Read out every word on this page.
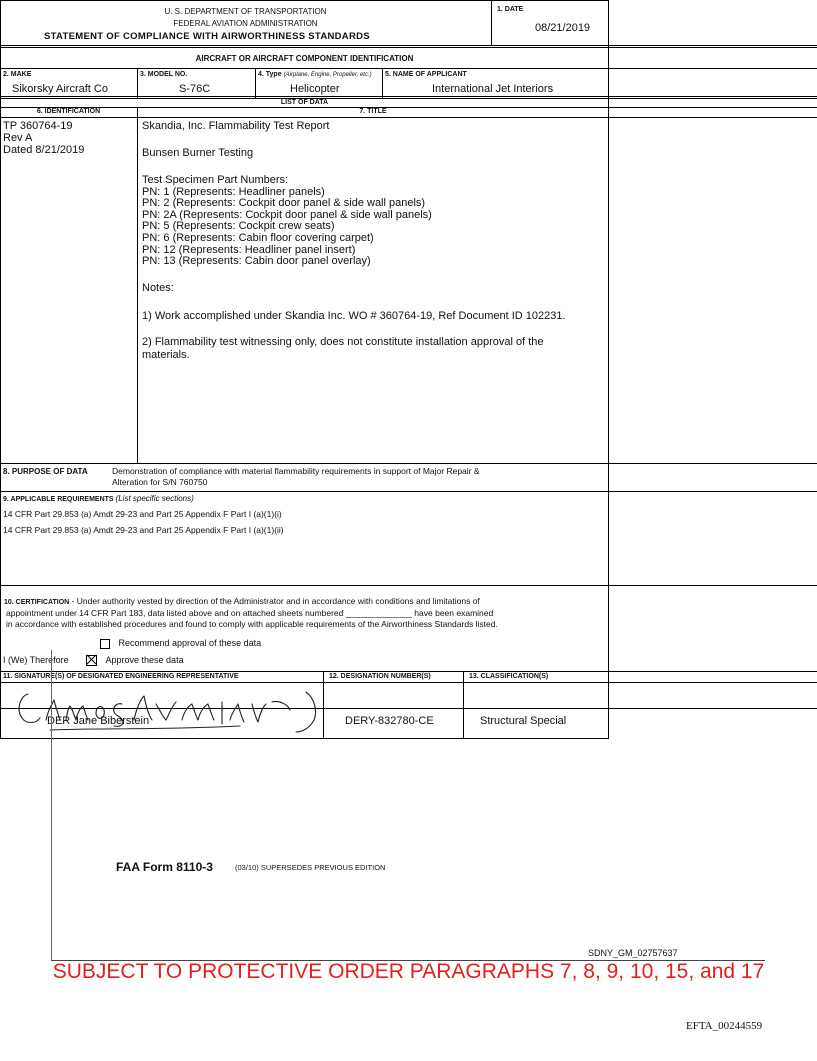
U. S. DEPARTMENT OF TRANSPORTATION
FEDERAL AVIATION ADMINISTRATION
STATEMENT OF COMPLIANCE WITH AIRWORTHINESS STANDARDS
1. DATE
08/21/2019
AIRCRAFT OR AIRCRAFT COMPONENT IDENTIFICATION
2. MAKE
Sikorsky Aircraft Co
3. MODEL NO.
S-76C
4. Type (Airplane, Engine, Propeller, etc.)
Helicopter
5. NAME OF APPLICANT
International Jet Interiors
LIST OF DATA
6. IDENTIFICATION	7. TITLE
TP 360764-19
Rev A
Dated 8/21/2019
Skandia, Inc. Flammability Test Report
Bunsen Burner Testing
Test Specimen Part Numbers:
PN: 1 (Represents: Headliner panels)
PN: 2 (Represents: Cockpit door panel & side wall panels)
PN: 2A (Represents: Cockpit door panel & side wall panels)
PN: 5 (Represents: Cockpit crew seats)
PN: 6 (Represents: Cabin floor covering carpet)
PN: 12 (Represents: Headliner panel insert)
PN: 13 (Represents: Cabin door panel overlay)
Notes:
1) Work accomplished under Skandia Inc. WO # 360764-19, Ref Document ID 102231.
2) Flammability test witnessing only, does not constitute installation approval of the materials.
8. PURPOSE OF DATA	Demonstration of compliance with material flammability requirements in support of Major Repair &
Alteration for S/N 760750
9. APPLICABLE REQUIREMENTS (List specific sections)
14 CFR Part 29.853 (a) Amdt 29-23 and Part 25 Appendix F Part I (a)(1)(i)
14 CFR Part 29.853 (a) Amdt 29-23 and Part 25 Appendix F Part I (a)(1)(ii)
10. CERTIFICATION - Under authority vested by direction of the Administrator and in accordance with conditions and limitations of
appointment under 14 CFR Part 183, data listed above and on attached sheets numbered ______________ have been examined
in accordance with established procedures and found to comply with applicable requirements of the Airworthiness Standards listed.
Recommend approval of these data
I (We) Therefore	Approve these data
11. SIGNATURE(S) OF DESIGNATED ENGINEERING REPRESENTATIVE	12. DESIGNATION NUMBER(S)	13. CLASSIFICATION(S)
DER Jane Biberstein	DERY-832780-CE	Structural Special
FAA Form 8110-3	(03/10) SUPERSEDES PREVIOUS EDITION
SDNY_GM_02757637
SUBJECT TO PROTECTIVE ORDER PARAGRAPHS 7, 8, 9, 10, 15, and 17
EFTA_00244559
